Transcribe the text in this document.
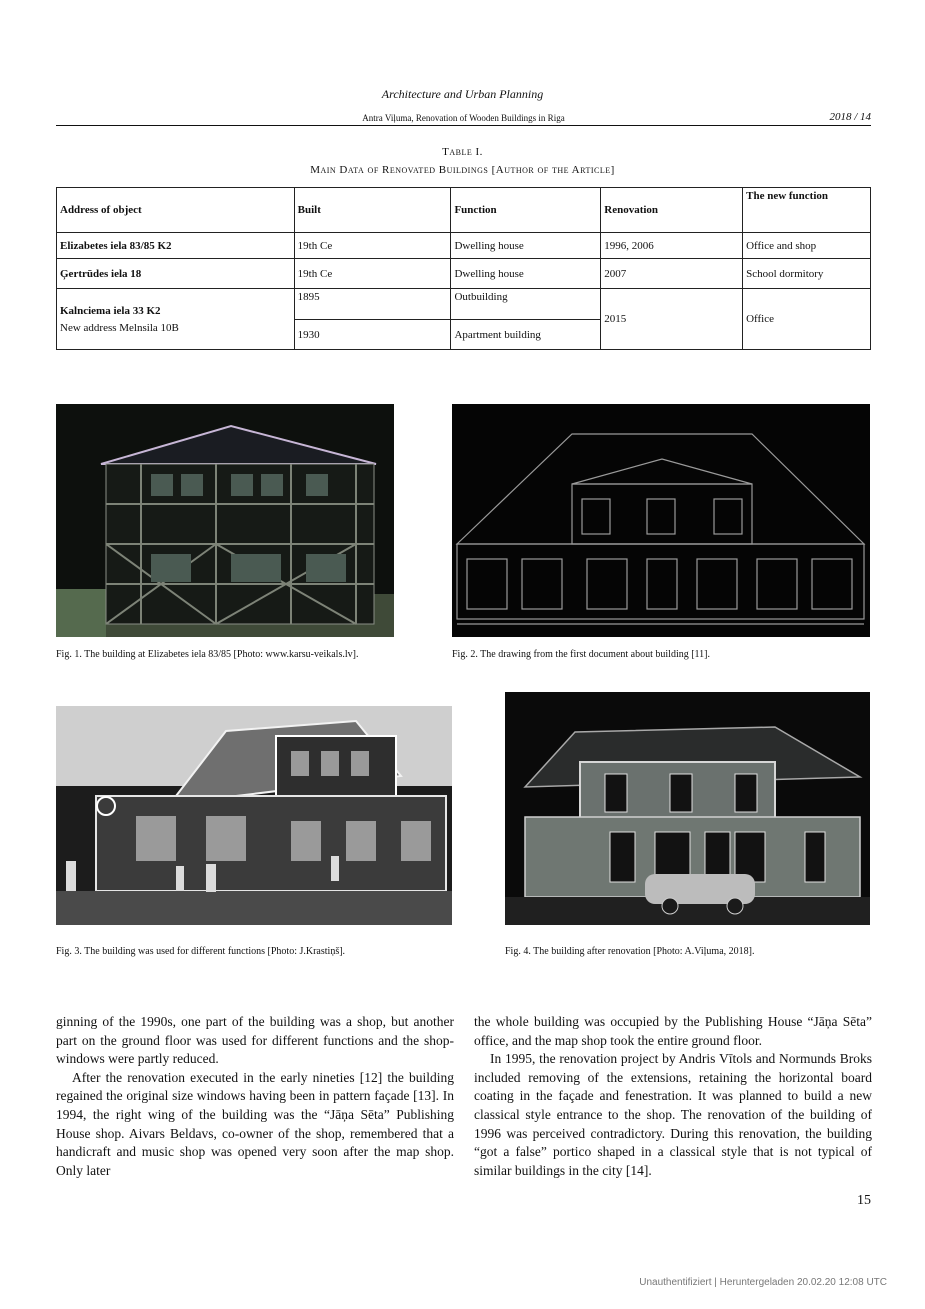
Architecture and Urban Planning
Antra Viļuma, Renovation of Wooden Buildings in Riga	2018 / 14
Table I.
Main Data of Renovated Buildings [Author of the Article]
Address of object	Built	Function	Renovation	The new function
Elizabetes iela 83/85 K2	19th Ce	Dwelling house	1996, 2006	Office and shop
Ģertrūdes iela 18	19th Ce	Dwelling house	2007	School dormitory

Kalnciema iela 33 K2
New address Melnsila 10B	1895	Outbuilding	2015	Office
	1930	Apartment building		
Fig. 1. The building at Elizabetes iela 83/85 [Photo: www.karsu-veikals.lv].	Fig. 2. The drawing from the first document about building [11].
Fig. 3. The building was used for different functions [Photo: J.Krastiņš].	Fig. 4. The building after renovation [Photo: A.Viļuma, 2018].

ginning of the 1990s, one part of the building was a shop, but another part on the ground floor was used for different functions and the shop-windows were partly reduced.

After the renovation executed in the early nineties [12] the building regained the original size windows having been in pattern façade [13]. In 1994, the right wing of the building was the “Jāņa Sēta” Publishing House shop. Aivars Beldavs, co-owner of the shop, remembered that a handicraft and music shop was opened very soon after the map shop. Only later

the whole building was occupied by the Publishing House “Jāņa Sēta” office, and the map shop took the entire ground floor.

In 1995, the renovation project by Andris Vītols and Normunds Broks included removing of the extensions, retaining the horizontal board coating in the façade and fenestration. It was planned to build a new classical style entrance to the shop. The renovation of the building of 1996 was perceived contradictory. During this renovation, the building “got a false” portico shaped in a classical style that is not typical of similar buildings in the city [14].

15
Unauthentifiziert | Heruntergeladen 20.02.20 12:08 UTC
